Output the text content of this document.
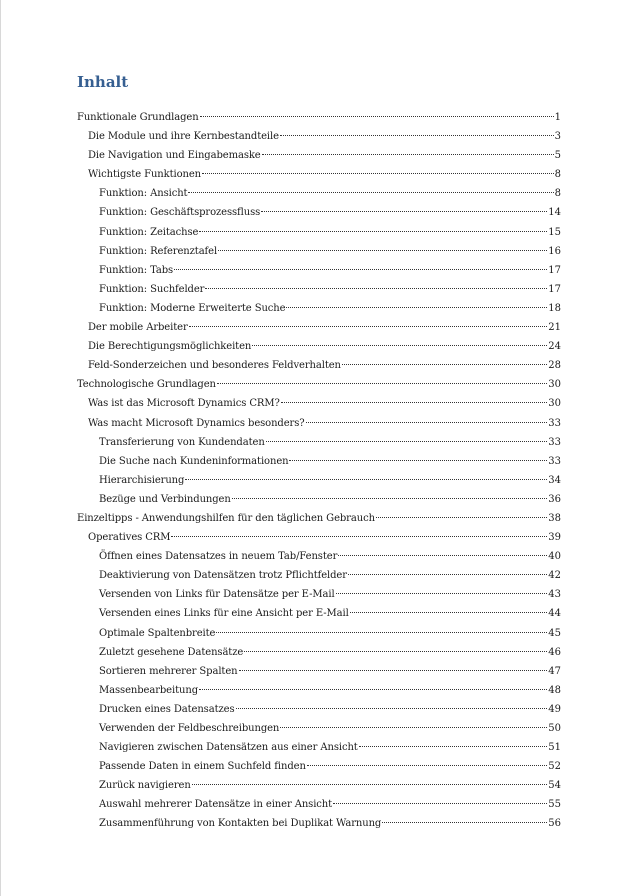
Inhalt
Funktionale Grundlagen	1
Die Module und ihre Kernbestandteile	3
Die Navigation und Eingabemaske	5
Wichtigste Funktionen	8
Funktion: Ansicht	8
Funktion: Geschäftsprozessfluss	14
Funktion: Zeitachse	15
Funktion: Referenztafel	16
Funktion: Tabs	17
Funktion: Suchfelder	17
Funktion: Moderne Erweiterte Suche	18
Der mobile Arbeiter	21
Die Berechtigungsmöglichkeiten	24
Feld-Sonderzeichen und besonderes Feldverhalten	28
Technologische Grundlagen	30
Was ist das Microsoft Dynamics CRM?	30
Was macht Microsoft Dynamics besonders?	33
Transferierung von Kundendaten	33
Die Suche nach Kundeninformationen	33
Hierarchisierung	34
Bezüge und Verbindungen	36
Einzeltipps - Anwendungshilfen für den täglichen Gebrauch	38
Operatives CRM	39
Öffnen eines Datensatzes in neuem Tab/Fenster	40
Deaktivierung von Datensätzen trotz Pflichtfelder	42
Versenden von Links für Datensätze per E-Mail	43
Versenden eines Links für eine Ansicht per E-Mail	44
Optimale Spaltenbreite	45
Zuletzt gesehene Datensätze	46
Sortieren mehrerer Spalten	47
Massenbearbeitung	48
Drucken eines Datensatzes	49
Verwenden der Feldbeschreibungen	50
Navigieren zwischen Datensätzen aus einer Ansicht	51
Passende Daten in einem Suchfeld finden	52
Zurück navigieren	54
Auswahl mehrerer Datensätze in einer Ansicht	55
Zusammenführung von Kontakten bei Duplikat Warnung	56
